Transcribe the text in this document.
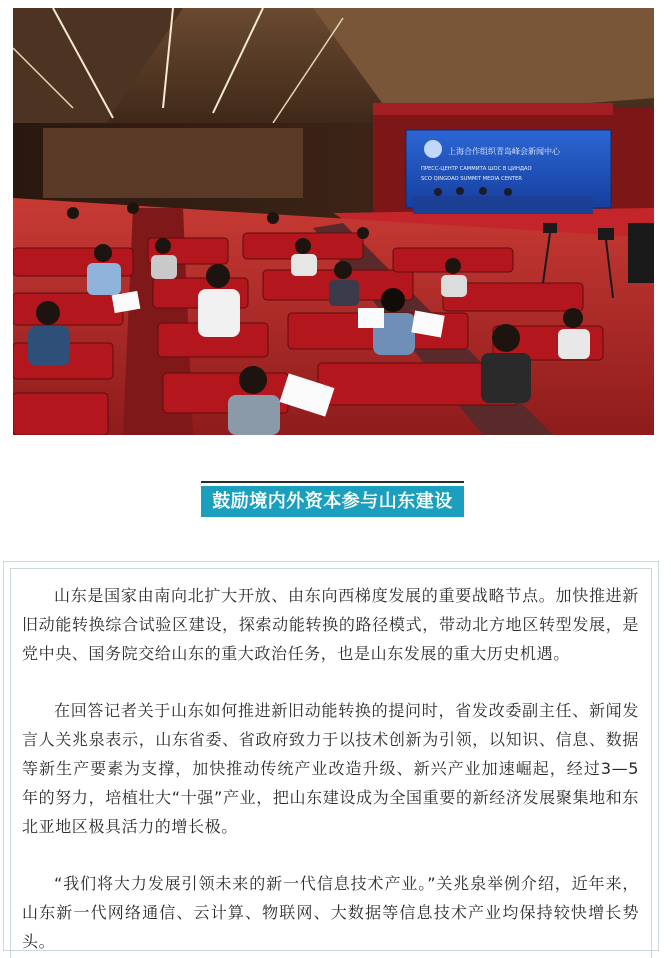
上海合作组织青岛峰会新闻中心
ПРЕСС-ЦЕНТР САММИТА ШОС В ЦИНДАО
SCO QINGDAO SUMMIT MEDIA CENTER
鼓励境内外资本参与山东建设

山东是国家由南向北扩大开放、由东向西梯度发展的重要战略节点。加快推进新旧动能转换综合试验区建设，探索动能转换的路径模式，带动北方地区转型发展，是党中央、国务院交给山东的重大政治任务，也是山东发展的重大历史机遇。

在回答记者关于山东如何推进新旧动能转换的提问时，省发改委副主任、新闻发言人关兆泉表示，山东省委、省政府致力于以技术创新为引领，以知识、信息、数据等新生产要素为支撑，加快推动传统产业改造升级、新兴产业加速崛起，经过3—5年的努力，培植壮大“十强”产业，把山东建设成为全国重要的新经济发展聚集地和东北亚地区极具活力的增长极。

“我们将大力发展引领未来的新一代信息技术产业。”关兆泉举例介绍，近年来，山东新一代网络通信、云计算、物联网、大数据等信息技术产业均保持较快增长势头。
